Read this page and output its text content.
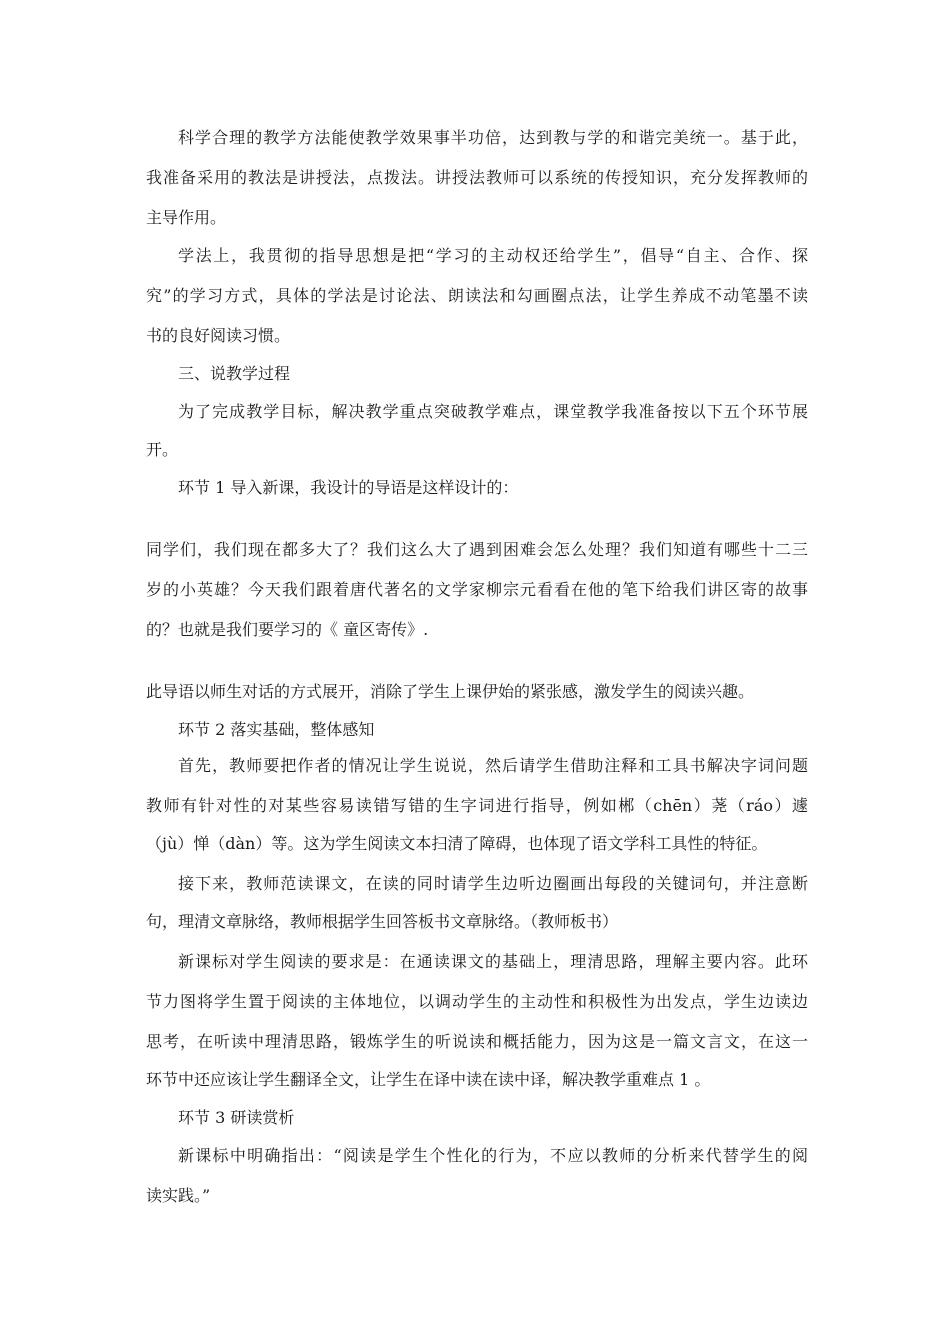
科学合理的教学方法能使教学效果事半功倍，达到教与学的和谐完美统一。基于此，
我准备采用的教法是讲授法，点拨法。讲授法教师可以系统的传授知识，充分发挥教师的
主导作用。
学法上，我贯彻的指导思想是把“学习的主动权还给学生”，倡导“自主、合作、探
究”的学习方式，具体的学法是讨论法、朗读法和勾画圈点法，让学生养成不动笔墨不读
书的良好阅读习惯。
三、说教学过程
为了完成教学目标，解决教学重点突破教学难点，课堂教学我准备按以下五个环节展
开。
环节 1 导入新课，我设计的导语是这样设计的：
同学们，我们现在都多大了？我们这么大了遇到困难会怎么处理？我们知道有哪些十二三
岁的小英雄？今天我们跟着唐代著名的文学家柳宗元看看在他的笔下给我们讲区寄的故事
的？也就是我们要学习的《 童区寄传》.
此导语以师生对话的方式展开，消除了学生上课伊始的紧张感，激发学生的阅读兴趣。
环节 2 落实基础，整体感知
首先，教师要把作者的情况让学生说说，然后请学生借助注释和工具书解决字词问题
教师有针对性的对某些容易读错写错的生字词进行指导，例如郴（chēn）荛（ráo）遽
（jù）惮（dàn）等。这为学生阅读文本扫清了障碍，也体现了语文学科工具性的特征。
接下来，教师范读课文，在读的同时请学生边听边圈画出每段的关键词句，并注意断
句，理清文章脉络，教师根据学生回答板书文章脉络。（教师板书）
新课标对学生阅读的要求是：在通读课文的基础上，理清思路，理解主要内容。此环
节力图将学生置于阅读的主体地位，以调动学生的主动性和积极性为出发点，学生边读边
思考，在听读中理清思路，锻炼学生的听说读和概括能力，因为这是一篇文言文，在这一
环节中还应该让学生翻译全文，让学生在译中读在读中译，解决教学重难点 1 。
环节 3 研读赏析
新课标中明确指出：“阅读是学生个性化的行为，不应以教师的分析来代替学生的阅
读实践。”
